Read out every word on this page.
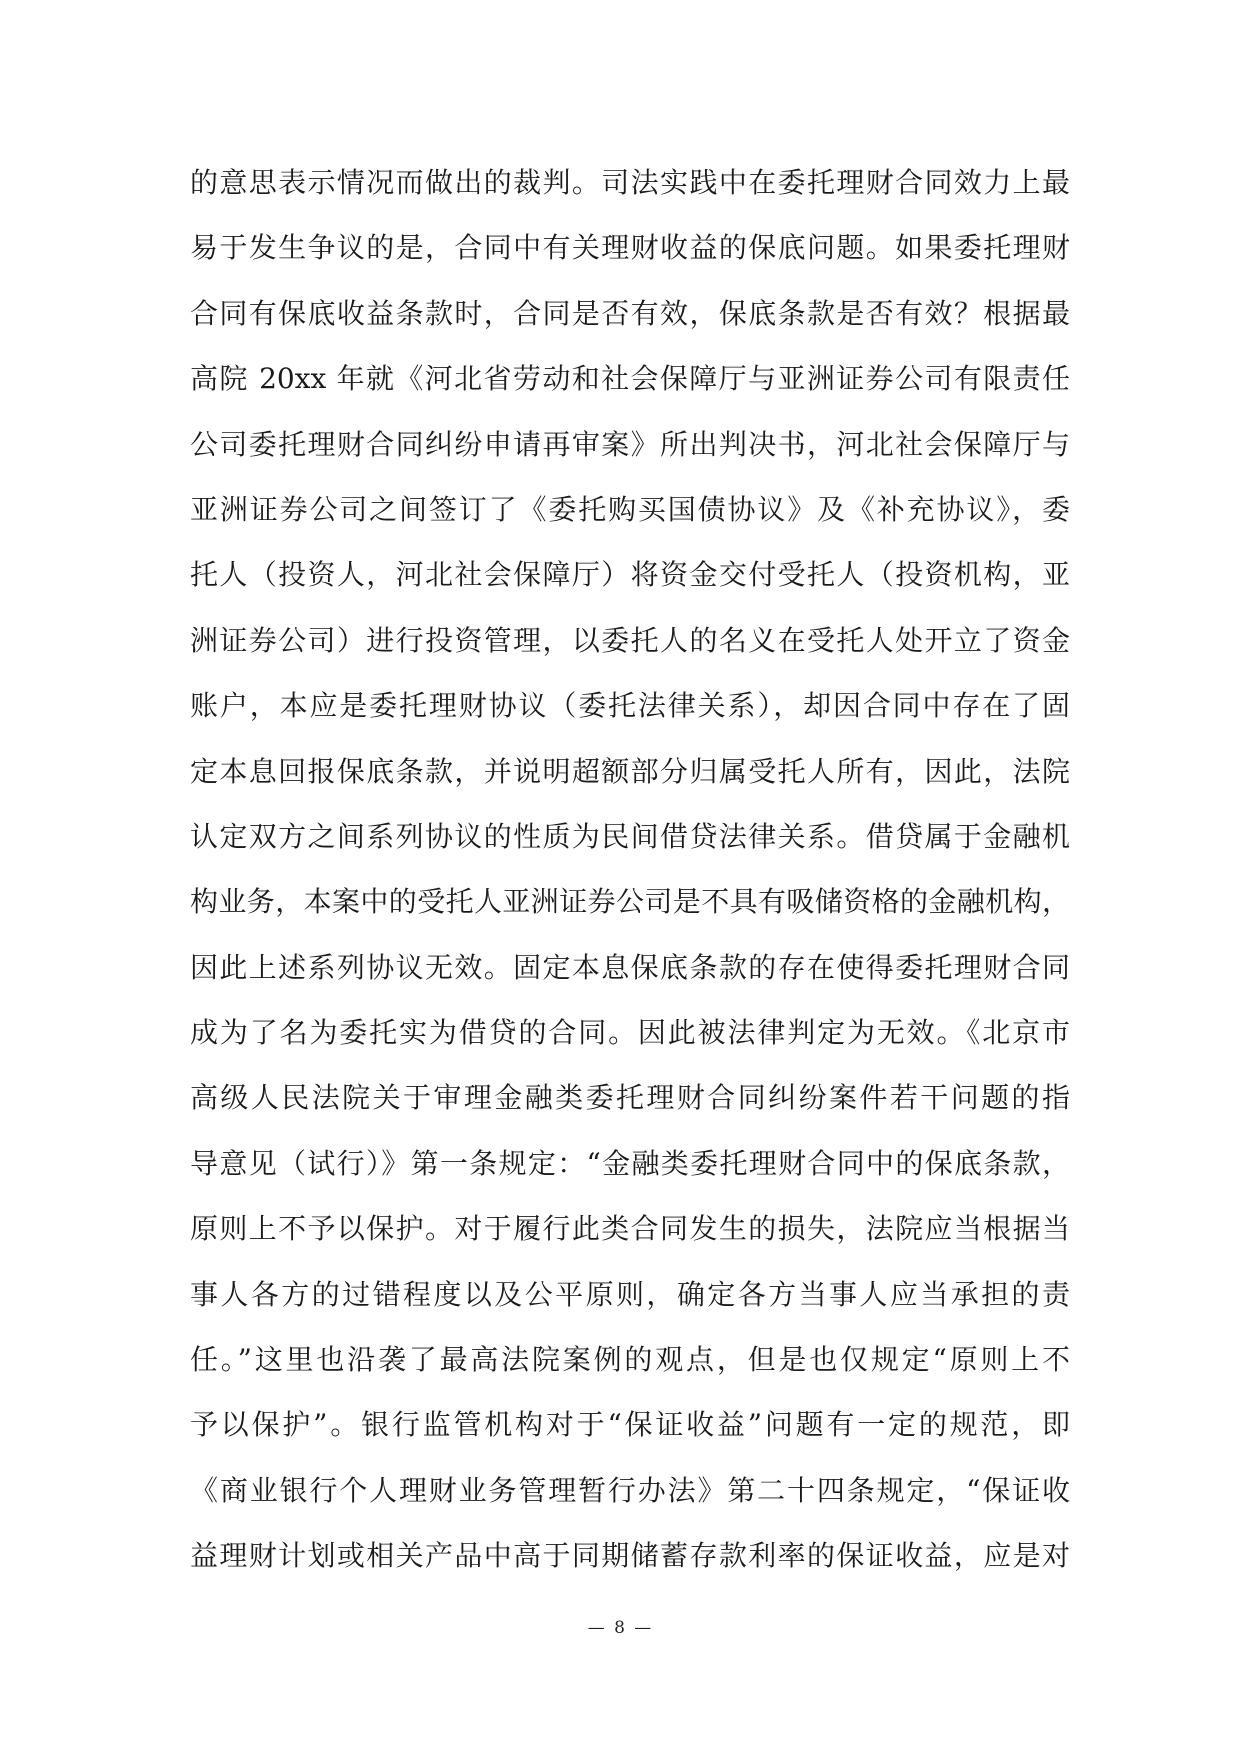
的意思表示情况而做出的裁判。司法实践中在委托理财合同效力上最
易于发生争议的是，合同中有关理财收益的保底问题。如果委托理财
合同有保底收益条款时，合同是否有效，保底条款是否有效？根据最
高院 20xx 年就《河北省劳动和社会保障厅与亚洲证券公司有限责任
公司委托理财合同纠纷申请再审案》所出判决书，河北社会保障厅与
亚洲证券公司之间签订了《委托购买国债协议》及《补充协议》，委
托人（投资人，河北社会保障厅）将资金交付受托人（投资机构，亚
洲证券公司）进行投资管理，以委托人的名义在受托人处开立了资金
账户，本应是委托理财协议（委托法律关系），却因合同中存在了固
定本息回报保底条款，并说明超额部分归属受托人所有，因此，法院
认定双方之间系列协议的性质为民间借贷法律关系。借贷属于金融机
构业务，本案中的受托人亚洲证券公司是不具有吸储资格的金融机构，
因此上述系列协议无效。固定本息保底条款的存在使得委托理财合同
成为了名为委托实为借贷的合同。因此被法律判定为无效。《北京市
高级人民法院关于审理金融类委托理财合同纠纷案件若干问题的指
导意见（试行）》第一条规定：“金融类委托理财合同中的保底条款，
原则上不予以保护。对于履行此类合同发生的损失，法院应当根据当
事人各方的过错程度以及公平原则，确定各方当事人应当承担的责
任。”这里也沿袭了最高法院案例的观点，但是也仅规定“原则上不
予以保护”。银行监管机构对于“保证收益”问题有一定的规范，即
《商业银行个人理财业务管理暂行办法》第二十四条规定，“保证收
益理财计划或相关产品中高于同期储蓄存款利率的保证收益，应是对
— 8 —
